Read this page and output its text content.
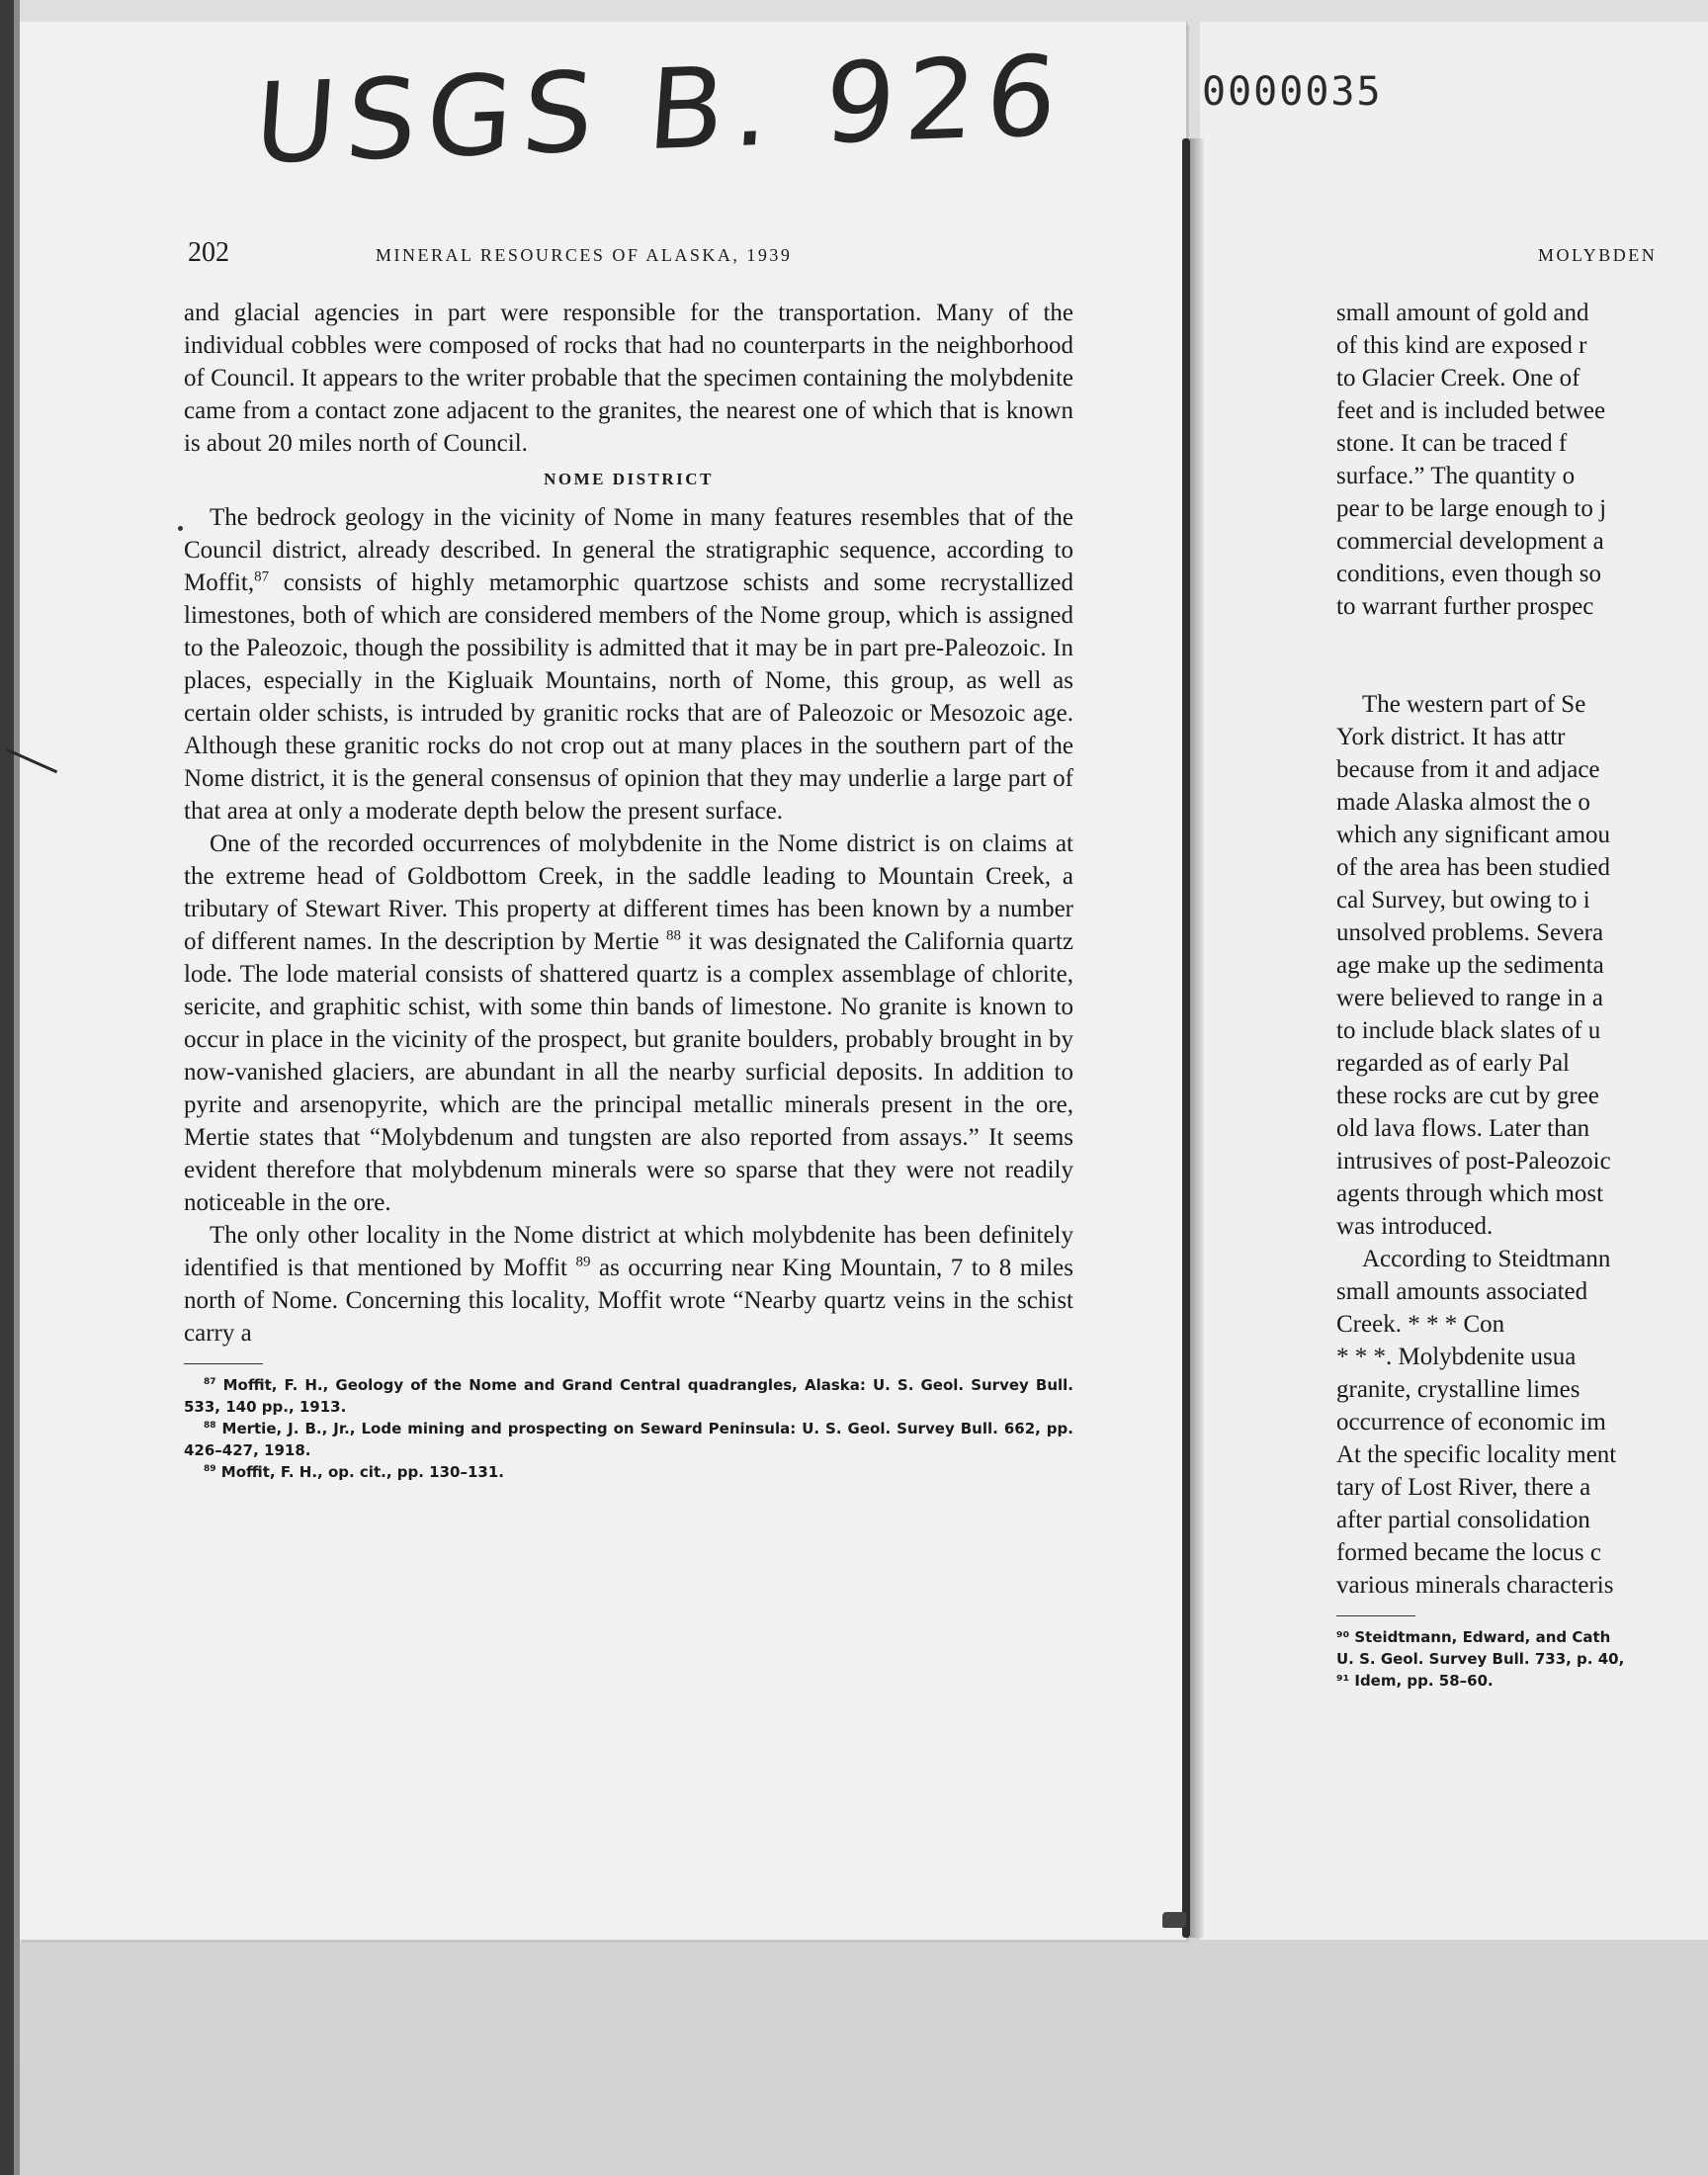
USGS B. 926	0000035
202	MINERAL RESOURCES OF ALASKA, 1939	MOLYBDEN

and glacial agencies in part were responsible for the transportation. Many of the individual cobbles were composed of rocks that had no counterparts in the neighborhood of Council. It appears to the writer probable that the specimen containing the molybdenite came from a contact zone adjacent to the granites, the nearest one of which that is known is about 20 miles north of Council.

NOME DISTRICT

The bedrock geology in the vicinity of Nome in many features resembles that of the Council district, already described. In general the stratigraphic sequence, according to Moffit,$^{87}$ consists of highly metamorphic quartzose schists and some recrystallized limestones, both of which are considered members of the Nome group, which is assigned to the Paleozoic, though the possibility is admitted that it may be in part pre-Paleozoic. In places, especially in the Kigluaik Mountains, north of Nome, this group, as well as certain older schists, is intruded by granitic rocks that are of Paleozoic or Mesozoic age. Although these granitic rocks do not crop out at many places in the southern part of the Nome district, it is the general consensus of opinion that they may underlie a large part of that area at only a moderate depth below the present surface.

One of the recorded occurrences of molybdenite in the Nome district is on claims at the extreme head of Goldbottom Creek, in the saddle leading to Mountain Creek, a tributary of Stewart River. This property at different times has been known by a number of different names. In the description by Mertie $^{88}$ it was designated the California quartz lode. The lode material consists of shattered quartz is a complex assemblage of chlorite, sericite, and graphitic schist, with some thin bands of limestone. No granite is known to occur in place in the vicinity of the prospect, but granite boulders, probably brought in by now-vanished glaciers, are abundant in all the nearby surficial deposits. In addition to pyrite and arsenopyrite, which are the principal metallic minerals present in the ore, Mertie states that “Molybdenum and tungsten are also reported from assays.” It seems evident therefore that molybdenum minerals were so sparse that they were not readily noticeable in the ore.

The only other locality in the Nome district at which molybdenite has been definitely identified is that mentioned by Moffit $^{89}$ as occurring near King Mountain, 7 to 8 miles north of Nome. Concerning this locality, Moffit wrote “Nearby quartz veins in the schist carry a

$^{87}$ Moffit, F. H., Geology of the Nome and Grand Central quadrangles, Alaska: U. S. Geol. Survey Bull. 533, 140 pp., 1913.

$^{88}$ Mertie, J. B., Jr., Lode mining and prospecting on Seward Peninsula: U. S. Geol. Survey Bull. 662, pp. 426–427, 1918.

$^{89}$ Moffit, F. H., op. cit., pp. 130–131.

small amount of gold and
of this kind are exposed r
to Glacier Creek. One of
feet and is included betwee
stone. It can be traced f
surface.” The quantity o
pear to be large enough to j
commercial development a
conditions, even though so
to warrant further prospec
The western part of Se
York district. It has attr
because from it and adjace
made Alaska almost the o
which any significant amou
of the area has been studied
cal Survey, but owing to i
unsolved problems. Severa
age make up the sedimenta
were believed to range in a
to include black slates of u
regarded as of early Pal
these rocks are cut by gree
old lava flows. Later than
intrusives of post-Paleozoic
agents through which most
was introduced.
According to Steidtmann
small amounts associated
Creek. * * * Con
* * *. Molybdenite usua
granite, crystalline limes
occurrence of economic im
At the specific locality ment
tary of Lost River, there a
after partial consolidation
formed became the locus c
various minerals characteris
⁹⁰ Steidtmann, Edward, and Cath
U. S. Geol. Survey Bull. 733, p. 40,
⁹¹ Idem, pp. 58–60.
